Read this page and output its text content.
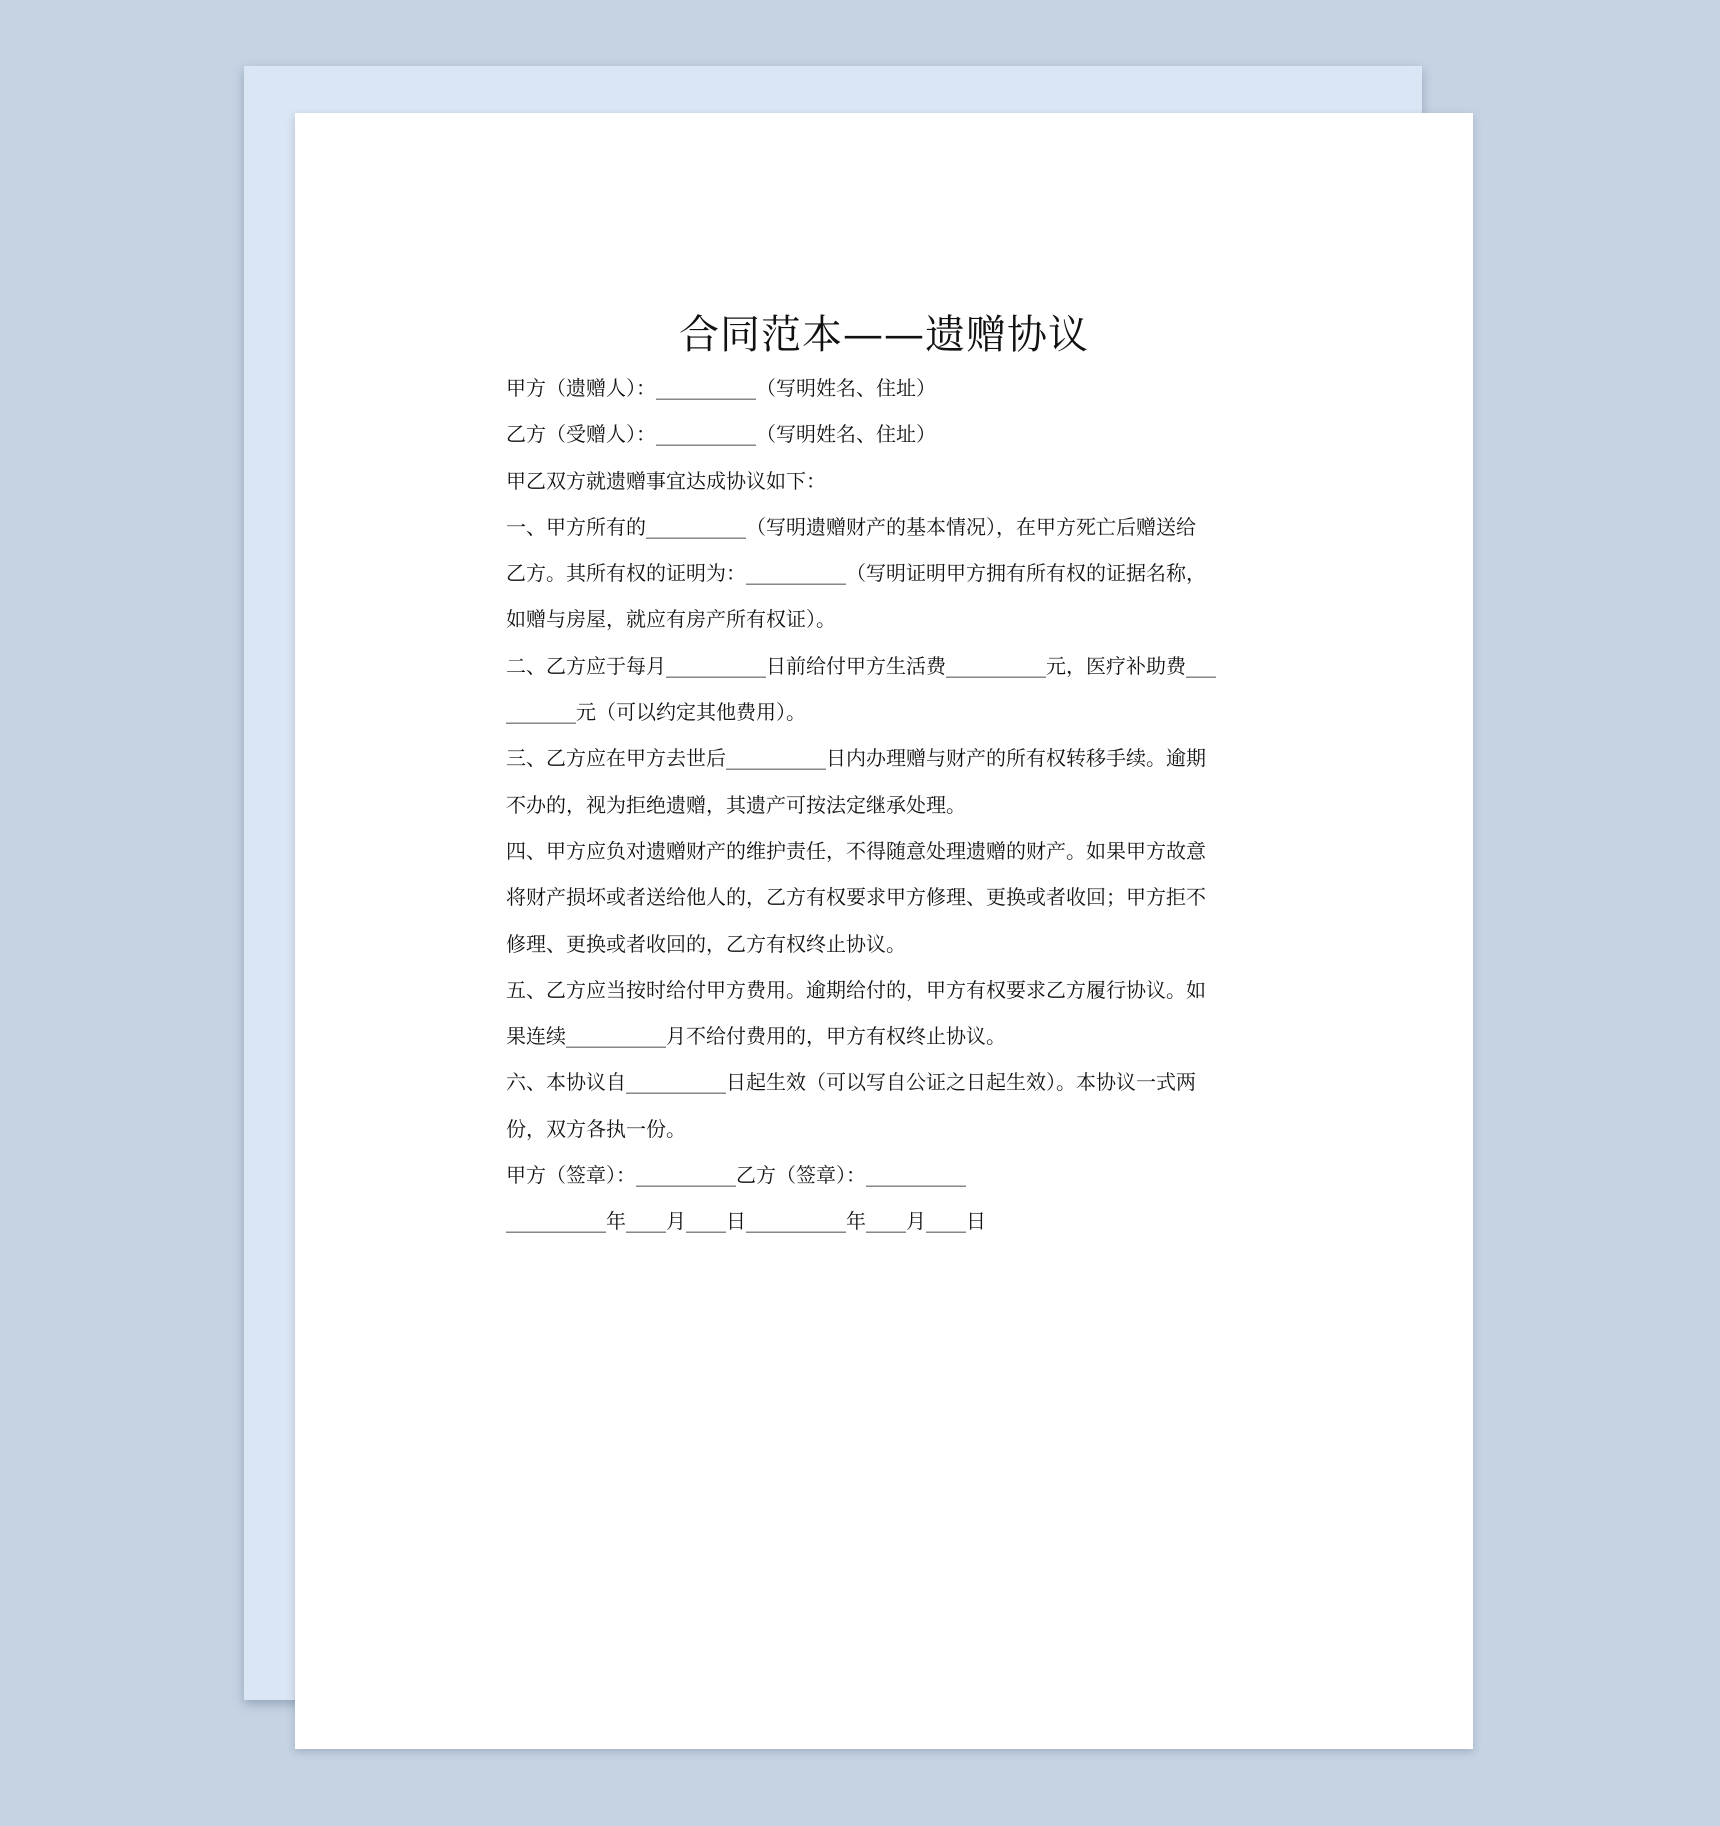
合同范本——遗赠协议
甲方（遗赠人）：__________（写明姓名、住址）
乙方（受赠人）：__________（写明姓名、住址）
甲乙双方就遗赠事宜达成协议如下：
一、甲方所有的__________（写明遗赠财产的基本情况），在甲方死亡后赠送给
乙方。其所有权的证明为：__________（写明证明甲方拥有所有权的证据名称，
如赠与房屋，就应有房产所有权证）。
二、乙方应于每月__________日前给付甲方生活费__________元，医疗补助费___
_______元（可以约定其他费用）。
三、乙方应在甲方去世后__________日内办理赠与财产的所有权转移手续。逾期
不办的，视为拒绝遗赠，其遗产可按法定继承处理。
四、甲方应负对遗赠财产的维护责任，不得随意处理遗赠的财产。如果甲方故意
将财产损坏或者送给他人的，乙方有权要求甲方修理、更换或者收回；甲方拒不
修理、更换或者收回的，乙方有权终止协议。
五、乙方应当按时给付甲方费用。逾期给付的，甲方有权要求乙方履行协议。如
果连续__________月不给付费用的，甲方有权终止协议。
六、本协议自__________日起生效（可以写自公证之日起生效）。本协议一式两
份，双方各执一份。
甲方（签章）：__________乙方（签章）：__________
__________年____月____日__________年____月____日
